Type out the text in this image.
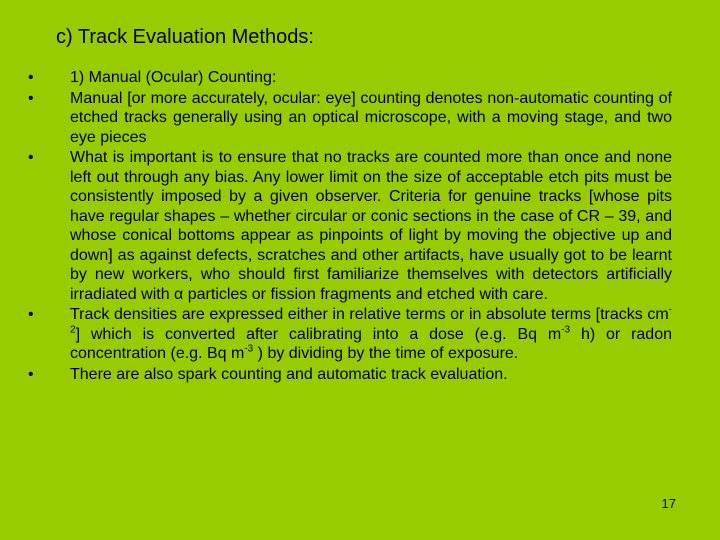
c) Track Evaluation Methods:
• 1) Manual (Ocular) Counting:
• Manual [or more accurately, ocular: eye] counting denotes non-automatic counting of etched tracks generally using an optical microscope, with a moving stage, and two eye pieces
• What is important is to ensure that no tracks are counted more than once and none left out through any bias. Any lower limit on the size of acceptable etch pits must be consistently imposed by a given observer. Criteria for genuine tracks [whose pits have regular shapes – whether circular or conic sections in the case of CR – 39, and whose conical bottoms appear as pinpoints of light by moving the objective up and down] as against defects, scratches and other artifacts, have usually got to be learnt by new workers, who should first familiarize themselves with detectors artificially irradiated with α particles or fission fragments and etched with care.
• Track densities are expressed either in relative terms or in absolute terms [tracks $cm^{-2}$] which is converted after calibrating into a dose (e.g. Bq $m^{-3}$ h) or radon concentration (e.g. Bq $m^{-3}$ ) by dividing by the time of exposure.
• There are also spark counting and automatic track evaluation.
17
